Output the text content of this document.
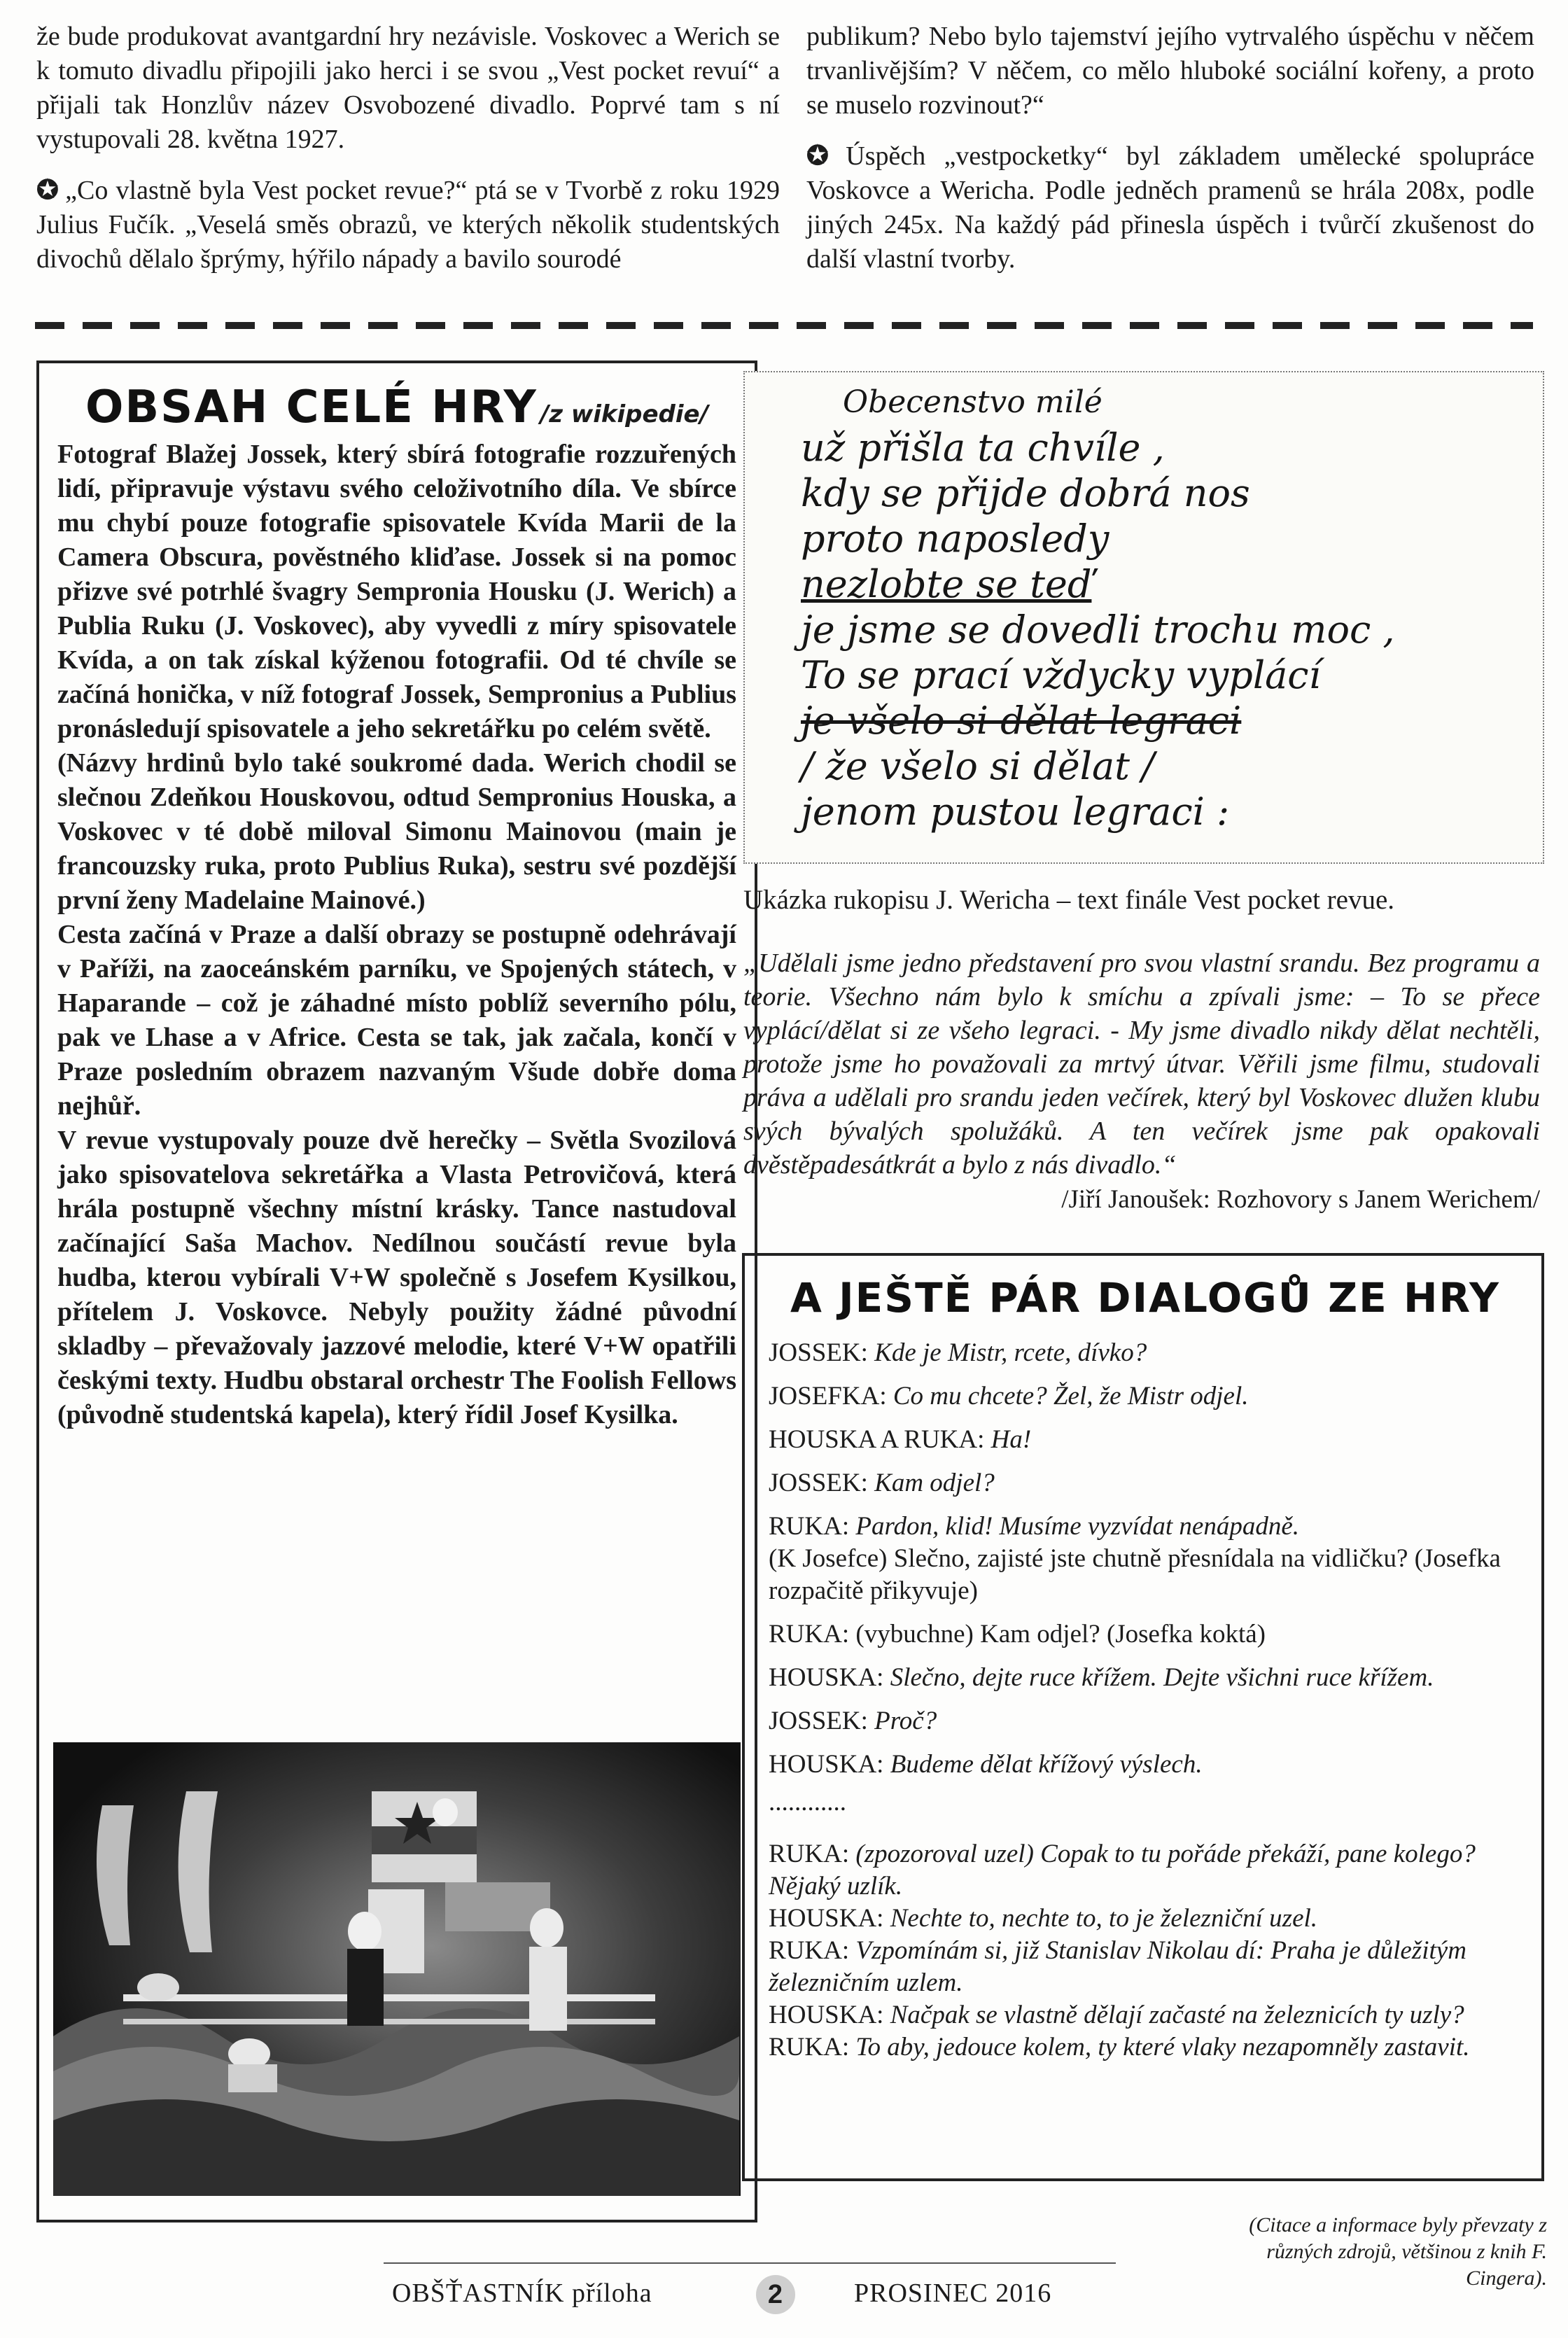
že bude produkovat avantgardní hry nezávisle. Voskovec a Werich se k tomuto divadlu připojili jako herci i se svou „Vest pocket revuí“ a přijali tak Honzlův název Osvobozené divadlo. Poprvé tam s ní vystupovali 28. května 1927.

✪ „Co vlastně byla Vest pocket revue?“ ptá se v Tvorbě z roku 1929 Julius Fučík. „Veselá směs obrazů, ve kterých několik studentských divochů dělalo šprýmy, hýřilo nápady a bavilo sourodé

publikum? Nebo bylo tajemství jejího vytrvalého úspěchu v něčem trvanlivějším? V něčem, co mělo hluboké sociální kořeny, a proto se muselo rozvinout?“

✪ Úspěch „vestpocketky“ byl základem umělecké spolupráce Voskovce a Wericha. Podle jedněch pramenů se hrála 208x, podle jiných 245x. Na každý pád přinesla úspěch i tvůrčí zkušenost do další vlastní tvorby.

OBSAH CELÉ HRY /z wikipedie/

Fotograf Blažej Jossek, který sbírá fotografie rozzuřených lidí, připravuje výstavu svého celoživotního díla. Ve sbírce mu chybí pouze fotografie spisovatele Kvída Marii de la Camera Obscura, pověstného kliďase. Jossek si na pomoc přizve své potrhlé švagry Sempronia Housku (J. Werich) a Publia Ruku (J. Voskovec), aby vyvedli z míry spisovatele Kvída, a on tak získal kýženou fotografii. Od té chvíle se začíná honička, v níž fotograf Jossek, Sempronius a Publius pronásledují spisovatele a jeho sekretářku po celém světě.

(Názvy hrdinů bylo také soukromé dada. Werich chodil se slečnou Zdeňkou Houskovou, odtud Sempronius Houska, a Voskovec v té době miloval Simonu Mainovou (main je francouzsky ruka, proto Publius Ruka), sestru své pozdější první ženy Madelaine Mainové.)

Cesta začíná v Praze a další obrazy se postupně odehrávají v Paříži, na zaoceánském parníku, ve Spojených státech, v Haparande – což je záhadné místo poblíž severního pólu, pak ve Lhase a v Africe. Cesta se tak, jak začala, končí v Praze posledním obrazem nazvaným Všude dobře doma nejhůř.

V revue vystupovaly pouze dvě herečky – Světla Svozilová jako spisovatelova sekretářka a Vlasta Petrovičová, která hrála postupně všechny místní krásky. Tance nastudoval začínající Saša Machov. Nedílnou součástí revue byla hudba, kterou vybírali V+W společně s Josefem Kysilkou, přítelem J. Voskovce. Nebyly použity žádné původní skladby – převažovaly jazzové melodie, které V+W opatřili českými texty. Hudbu obstaral orchestr The Foolish Fellows (původně studentská kapela), který řídil Josef Kysilka.

Obecenstvo milé
už přišla ta chvíle ,
kdy se přijde dobrá nos
proto naposledy
nezlobte se teď
je jsme se dovedli trochu moc ,
To se prací vždycky vyplácí
je všelo si dělat legraci
/ že všelo si dělat /
jenom pustou legraci :
Ukázka rukopisu J. Wericha – text finále Vest pocket revue.

„Udělali jsme jedno představení pro svou vlastní srandu. Bez programu a teorie. Všechno nám bylo k smíchu a zpívali jsme: – To se přece vyplácí/dělat si ze všeho legraci. - My jsme divadlo nikdy dělat nechtěli, protože jsme ho považovali za mrtvý útvar. Věřili jsme filmu, studovali práva a udělali pro srandu jeden večírek, který byl Voskovec dlužen klubu svých bývalých spolužáků. A ten večírek jsme pak opakovali dvěstěpadesátkrát a bylo z nás divadlo.“

/Jiří Janoušek: Rozhovory s Janem Werichem/

A JEŠTĚ PÁR DIALOGŮ ZE HRY

JOSSEK: Kde je Mistr, rcete, dívko?

JOSEFKA: Co mu chcete? Žel, že Mistr odjel.

HOUSKA A RUKA: Ha!

JOSSEK: Kam odjel?

RUKA: Pardon, klid! Musíme vyzvídat nenápadně.
(K Josefce) Slečno, zajisté jste chutně přesnídala na vidličku? (Josefka rozpačitě přikyvuje)

RUKA: (vybuchne) Kam odjel? (Josefka koktá)

HOUSKA: Slečno, dejte ruce křížem. Dejte všichni ruce křížem.

JOSSEK: Proč?

HOUSKA: Budeme dělat křížový výslech.

............

RUKA: (zpozoroval uzel) Copak to tu pořáde překáží, pane kolego? Nějaký uzlík.

HOUSKA: Nechte to, nechte to, to je železniční uzel.

RUKA: Vzpomínám si, již Stanislav Nikolau dí: Praha je důležitým železničním uzlem.

HOUSKA: Načpak se vlastně dělají začasté na železnicích ty uzly?

RUKA: To aby, jedouce kolem, ty které vlaky nezapomněly zastavit.

(Citace a informace byly převzaty z různých zdrojů, většinou z knih F. Cingera).
OBŠŤASTNÍK příloha	2	PROSINEC 2016
